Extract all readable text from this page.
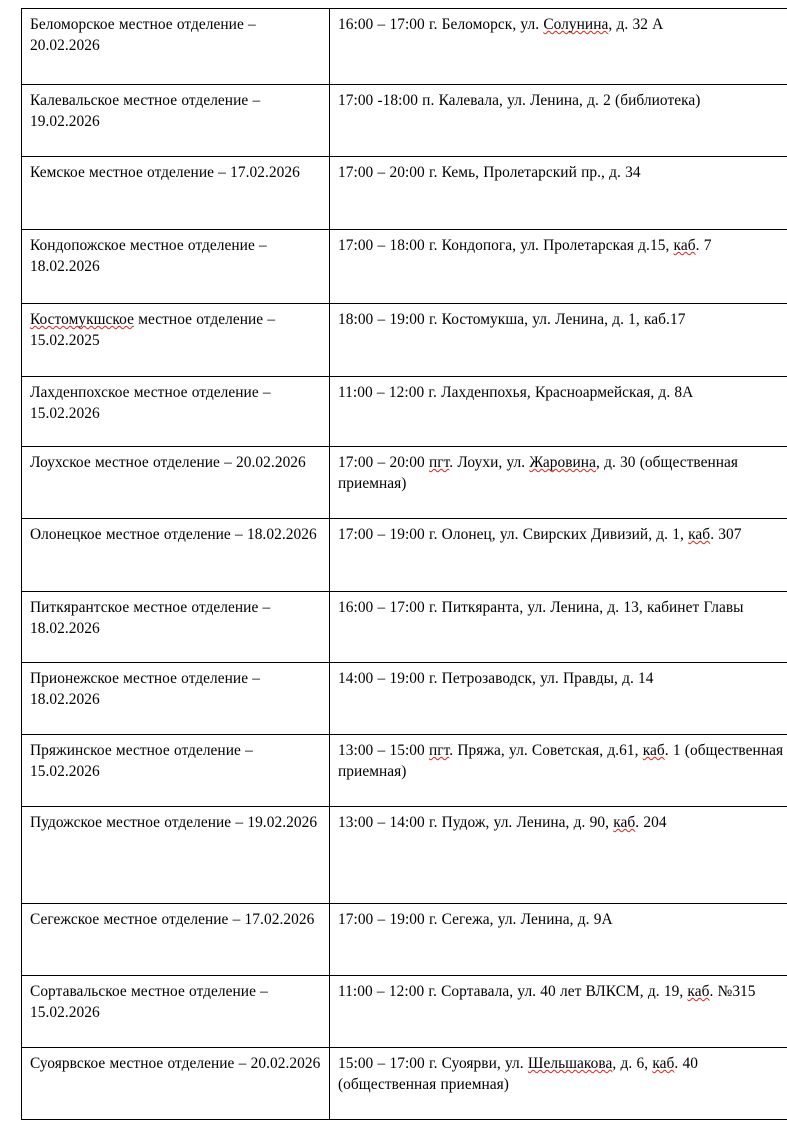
Беломорское местное отделение – 20.02.2026	16:00 – 17:00 г. Беломорск, ул. Солунина, д. 32 А
Калевальское местное отделение – 19.02.2026	17:00 -18:00 п. Калевала, ул. Ленина, д. 2 (библиотека)
Кемское местное отделение – 17.02.2026	17:00 – 20:00 г. Кемь, Пролетарский пр., д. 34
Кондопожское местное отделение – 18.02.2026	17:00 – 18:00 г. Кондопога, ул. Пролетарская д.15, каб. 7
Костомукшское местное отделение – 15.02.2025	18:00 – 19:00 г. Костомукша, ул. Ленина, д. 1, каб.17
Лахденпохское местное отделение – 15.02.2026	11:00 – 12:00 г. Лахденпохья, Красноармейская, д. 8А
Лоухское местное отделение – 20.02.2026	17:00 – 20:00 пгт. Лоухи, ул. Жаровина, д. 30 (общественная приемная)
Олонецкое местное отделение – 18.02.2026	17:00 – 19:00 г. Олонец, ул. Свирских Дивизий, д. 1, каб. 307
Питкярантское местное отделение – 18.02.2026	16:00 – 17:00 г. Питкяранта, ул. Ленина, д. 13, кабинет Главы
Прионежское местное отделение – 18.02.2026	14:00 – 19:00 г. Петрозаводск, ул. Правды, д. 14
Пряжинское местное отделение – 15.02.2026	13:00 – 15:00 пгт. Пряжа, ул. Советская, д.61, каб. 1 (общественная приемная)
Пудожское местное отделение – 19.02.2026	13:00 – 14:00 г. Пудож, ул. Ленина, д. 90, каб. 204
Сегежское местное отделение – 17.02.2026	17:00 – 19:00 г. Сегежа, ул. Ленина, д. 9А
Сортавальское местное отделение – 15.02.2026	11:00 – 12:00 г. Сортавала, ул. 40 лет ВЛКСМ, д. 19, каб. №315
Суоярвское местное отделение – 20.02.2026	15:00 – 17:00 г. Суоярви, ул. Шельшакова, д. 6, каб. 40 (общественная приемная)
